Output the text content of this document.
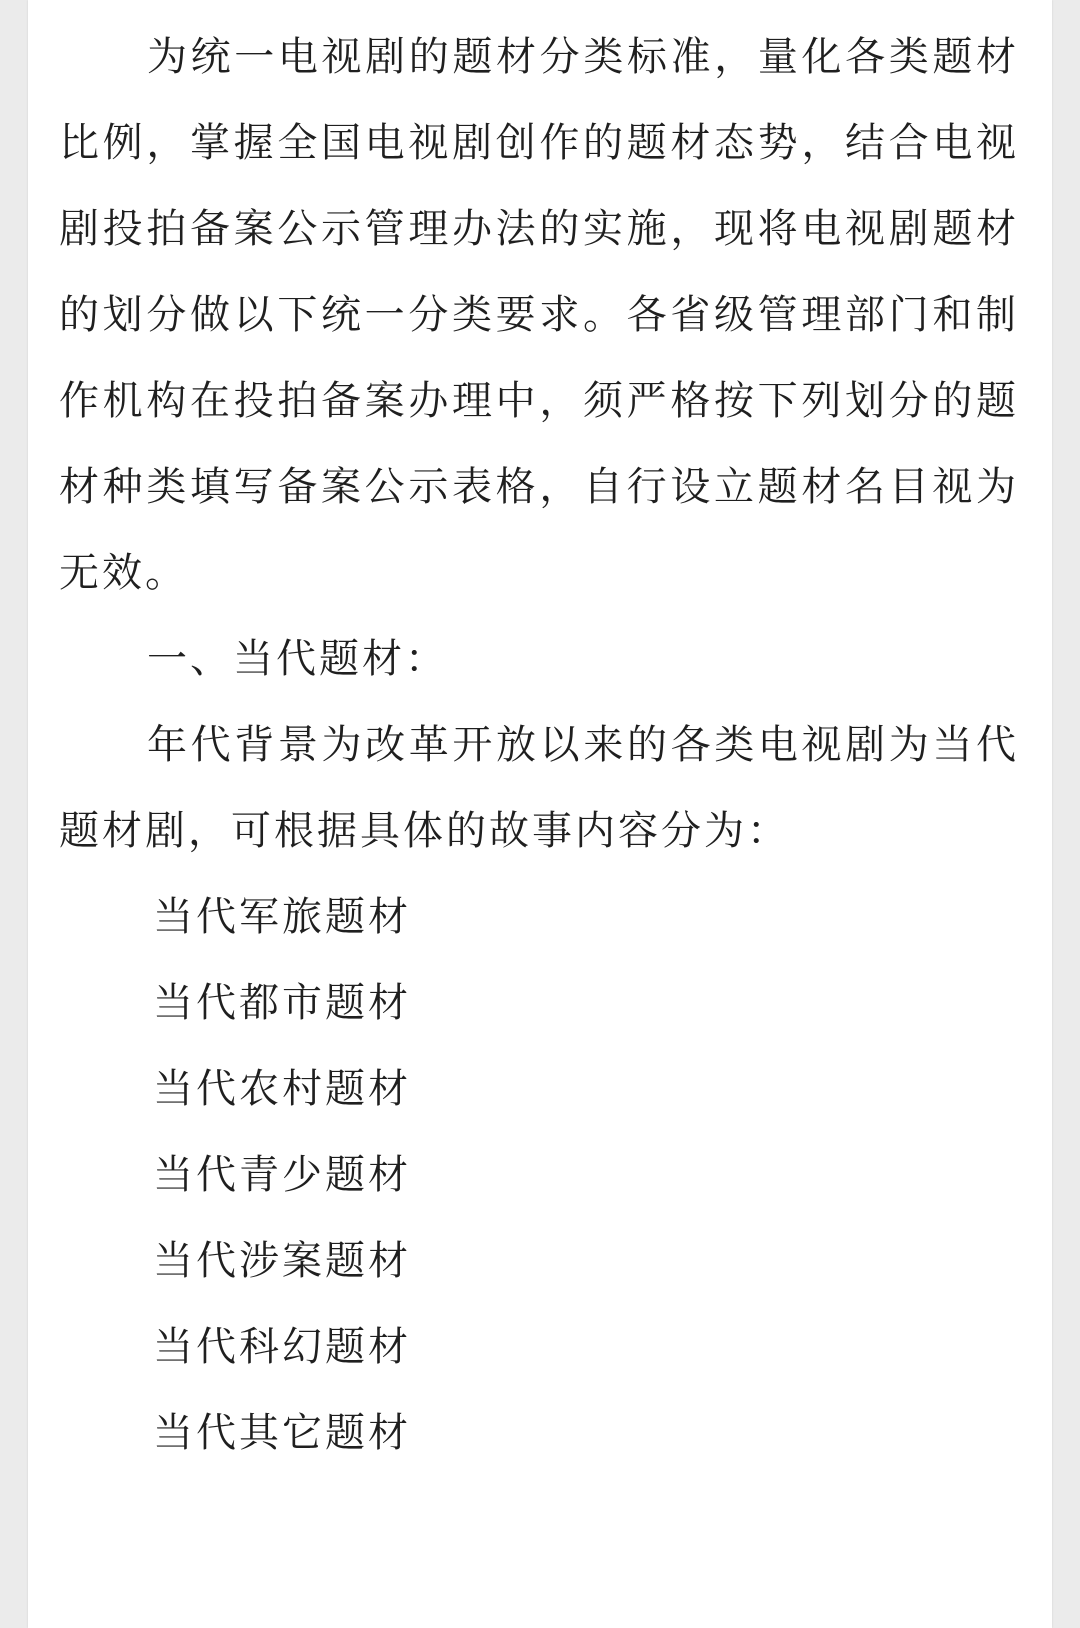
为统一电视剧的题材分类标准，量化各类题材比例，掌握全国电视剧创作的题材态势，结合电视剧投拍备案公示管理办法的实施，现将电视剧题材的划分做以下统一分类要求。各省级管理部门和制作机构在投拍备案办理中，须严格按下列划分的题材种类填写备案公示表格，自行设立题材名目视为无效。

一、当代题材：

年代背景为改革开放以来的各类电视剧为当代题材剧，可根据具体的故事内容分为：

当代军旅题材

当代都市题材

当代农村题材

当代青少题材

当代涉案题材

当代科幻题材

当代其它题材
